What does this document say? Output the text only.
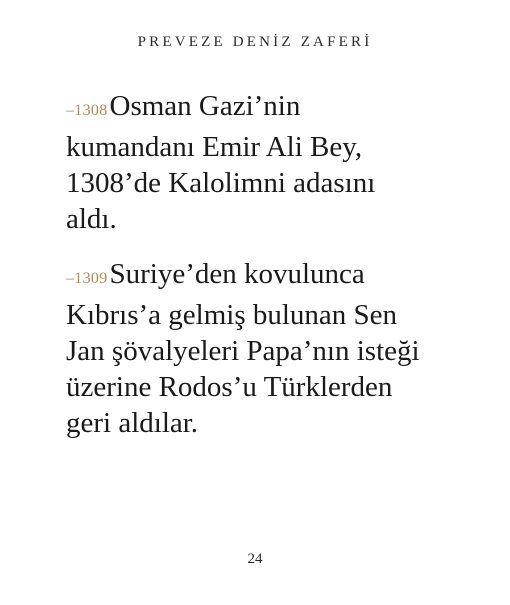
PREVEZE DENİZ ZAFERİ
–1308Osman Gazi’nin
kumandanı Emir Ali Bey,
1308’de Kalolimni adasını
aldı.
–1309Suriye’den kovulunca
Kıbrıs’a gelmiş bulunan Sen
Jan şövalyeleri Papa’nın isteği
üzerine Rodos’u Türklerden
geri aldılar.
24
